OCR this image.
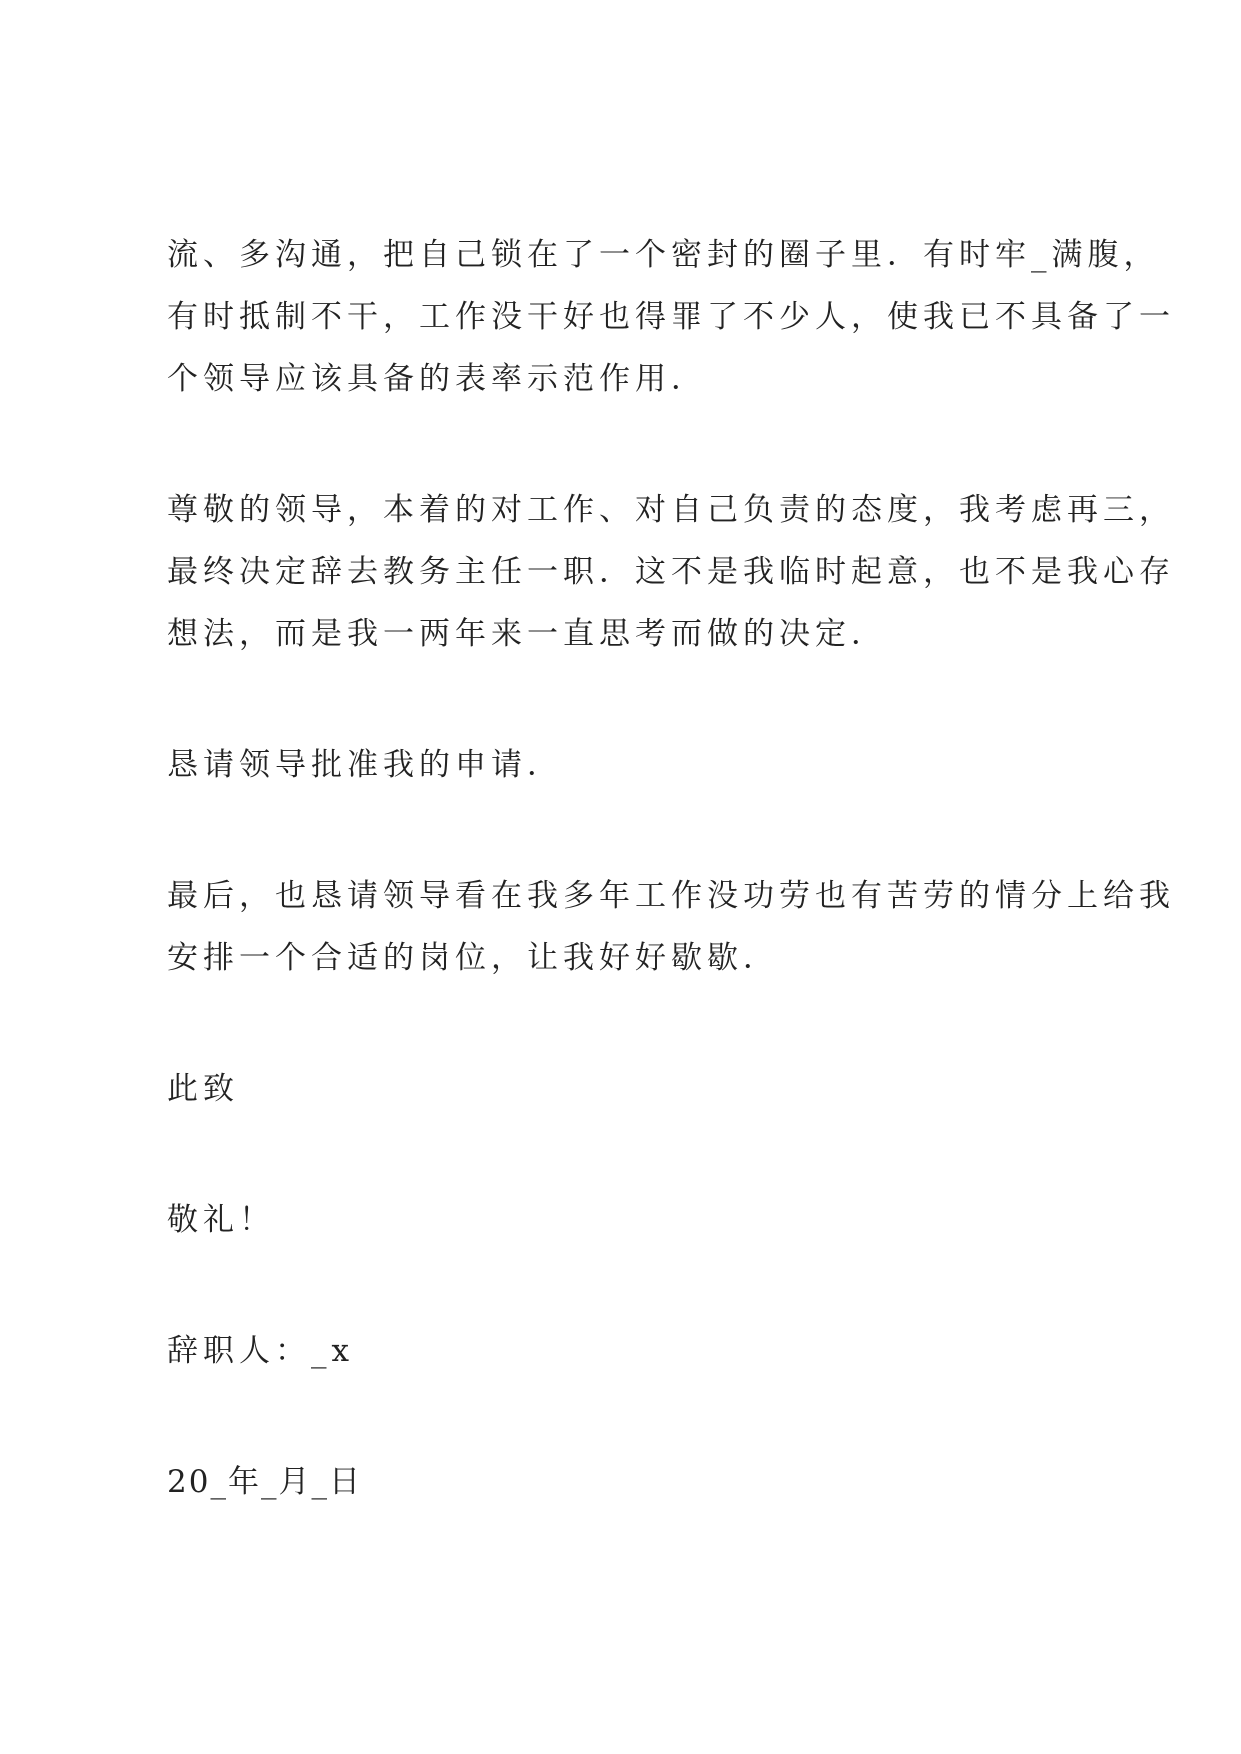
流、多沟通，把自己锁在了一个密封的圈子里．有时牢_满腹，
有时抵制不干，工作没干好也得罪了不少人，使我已不具备了一
个领导应该具备的表率示范作用．
尊敬的领导，本着的对工作、对自己负责的态度，我考虑再三，
最终决定辞去教务主任一职．这不是我临时起意，也不是我心存
想法，而是我一两年来一直思考而做的决定．
恳请领导批准我的申请．
最后，也恳请领导看在我多年工作没功劳也有苦劳的情分上给我
安排一个合适的岗位，让我好好歇歇．
此致
敬礼！
辞职人：_x
20_年_月_日
